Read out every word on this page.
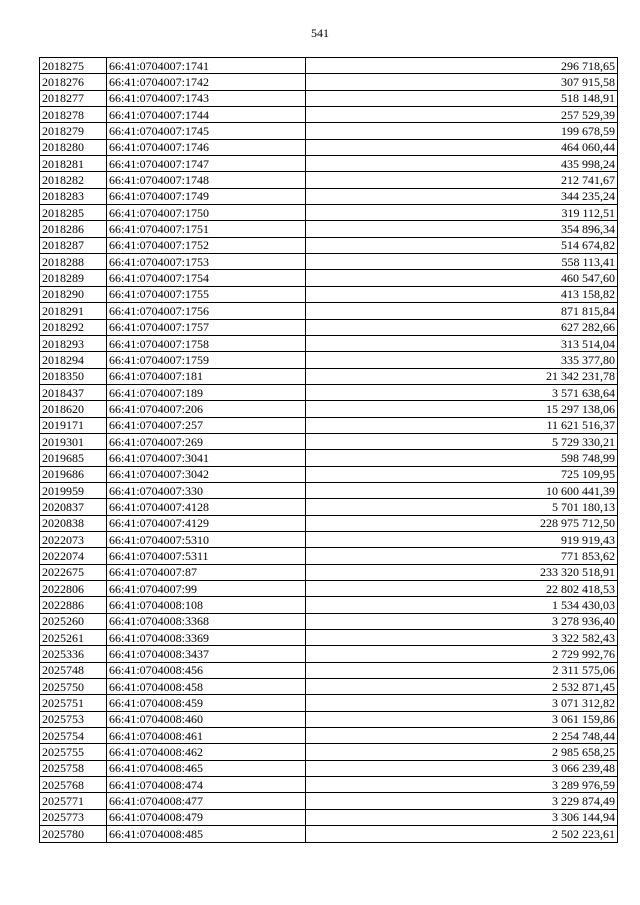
541
2018275	66:41:0704007:1741	296 718,65
2018276	66:41:0704007:1742	307 915,58
2018277	66:41:0704007:1743	518 148,91
2018278	66:41:0704007:1744	257 529,39
2018279	66:41:0704007:1745	199 678,59
2018280	66:41:0704007:1746	464 060,44
2018281	66:41:0704007:1747	435 998,24
2018282	66:41:0704007:1748	212 741,67
2018283	66:41:0704007:1749	344 235,24
2018285	66:41:0704007:1750	319 112,51
2018286	66:41:0704007:1751	354 896,34
2018287	66:41:0704007:1752	514 674,82
2018288	66:41:0704007:1753	558 113,41
2018289	66:41:0704007:1754	460 547,60
2018290	66:41:0704007:1755	413 158,82
2018291	66:41:0704007:1756	871 815,84
2018292	66:41:0704007:1757	627 282,66
2018293	66:41:0704007:1758	313 514,04
2018294	66:41:0704007:1759	335 377,80
2018350	66:41:0704007:181	21 342 231,78
2018437	66:41:0704007:189	3 571 638,64
2018620	66:41:0704007:206	15 297 138,06
2019171	66:41:0704007:257	11 621 516,37
2019301	66:41:0704007:269	5 729 330,21
2019685	66:41:0704007:3041	598 748,99
2019686	66:41:0704007:3042	725 109,95
2019959	66:41:0704007:330	10 600 441,39
2020837	66:41:0704007:4128	5 701 180,13
2020838	66:41:0704007:4129	228 975 712,50
2022073	66:41:0704007:5310	919 919,43
2022074	66:41:0704007:5311	771 853,62
2022675	66:41:0704007:87	233 320 518,91
2022806	66:41:0704007:99	22 802 418,53
2022886	66:41:0704008:108	1 534 430,03
2025260	66:41:0704008:3368	3 278 936,40
2025261	66:41:0704008:3369	3 322 582,43
2025336	66:41:0704008:3437	2 729 992,76
2025748	66:41:0704008:456	2 311 575,06
2025750	66:41:0704008:458	2 532 871,45
2025751	66:41:0704008:459	3 071 312,82
2025753	66:41:0704008:460	3 061 159,86
2025754	66:41:0704008:461	2 254 748,44
2025755	66:41:0704008:462	2 985 658,25
2025758	66:41:0704008:465	3 066 239,48
2025768	66:41:0704008:474	3 289 976,59
2025771	66:41:0704008:477	3 229 874,49
2025773	66:41:0704008:479	3 306 144,94
2025780	66:41:0704008:485	2 502 223,61
